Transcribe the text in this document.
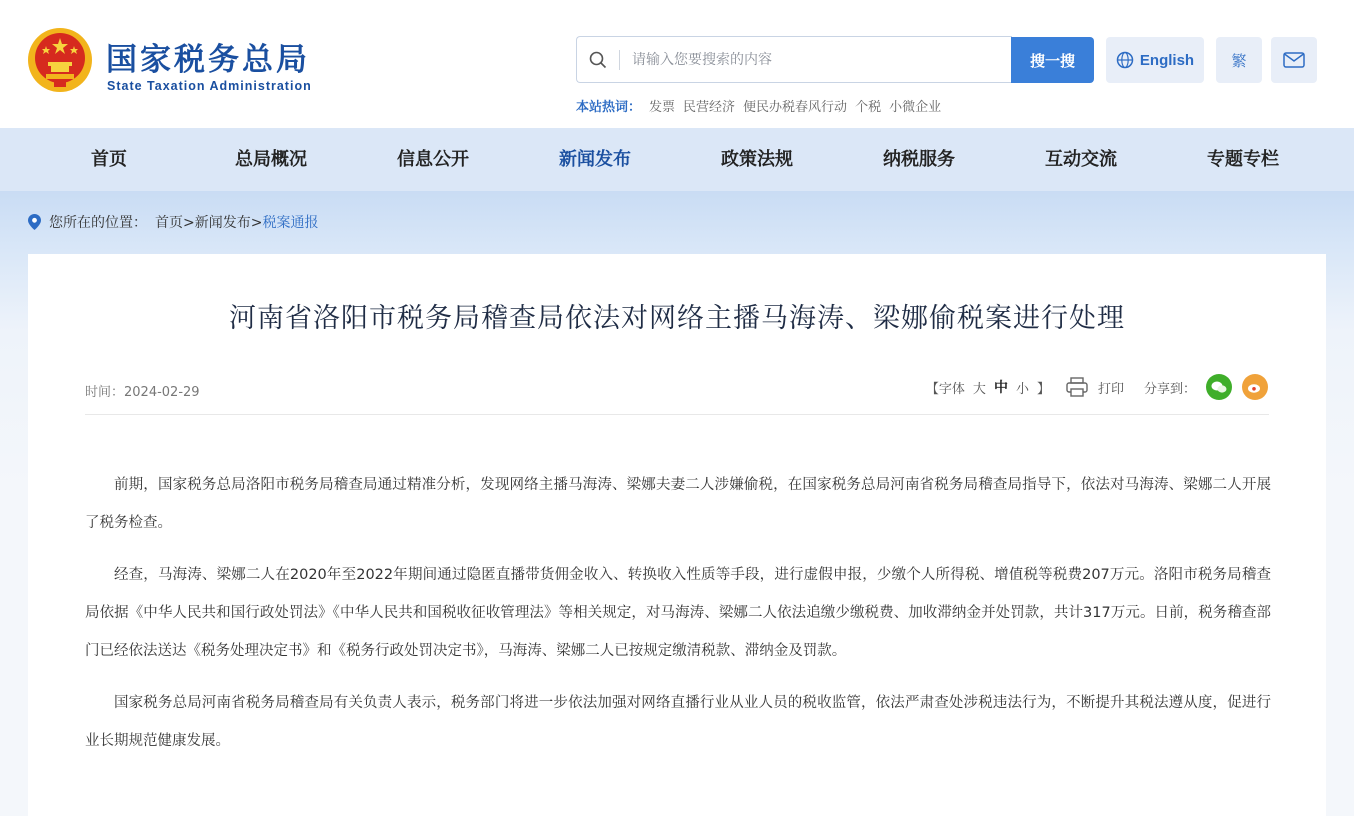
国家税务总局
State Taxation Administration
请输入您要搜索的内容
搜一搜	English	繁
本站热词： 发票 民营经济 便民办税春风行动 个税 小微企业
首页	总局概况	信息公开	新闻发布	政策法规	纳税服务	互动交流	专题专栏
您所在的位置： 首页>新闻发布>税案通报
河南省洛阳市税务局稽查局依法对网络主播马海涛、梁娜偷税案进行处理
时间：2024-02-29	【字体 大 中 小 】	打印 分享到：

前期，国家税务总局洛阳市税务局稽查局通过精准分析，发现网络主播马海涛、梁娜夫妻二人涉嫌偷税，在国家税务总局河南省税务局稽查局指导下，依法对马海涛、梁娜二人开展了税务检查。

经查，马海涛、梁娜二人在2020年至2022年期间通过隐匿直播带货佣金收入、转换收入性质等手段，进行虚假申报，少缴个人所得税、增值税等税费207万元。洛阳市税务局稽查局依据《中华人民共和国行政处罚法》《中华人民共和国税收征收管理法》等相关规定，对马海涛、梁娜二人依法追缴少缴税费、加收滞纳金并处罚款，共计317万元。日前，税务稽查部门已经依法送达《税务处理决定书》和《税务行政处罚决定书》，马海涛、梁娜二人已按规定缴清税款、滞纳金及罚款。

国家税务总局河南省税务局稽查局有关负责人表示，税务部门将进一步依法加强对网络直播行业从业人员的税收监管，依法严肃查处涉税违法行为，不断提升其税法遵从度，促进行业长期规范健康发展。
